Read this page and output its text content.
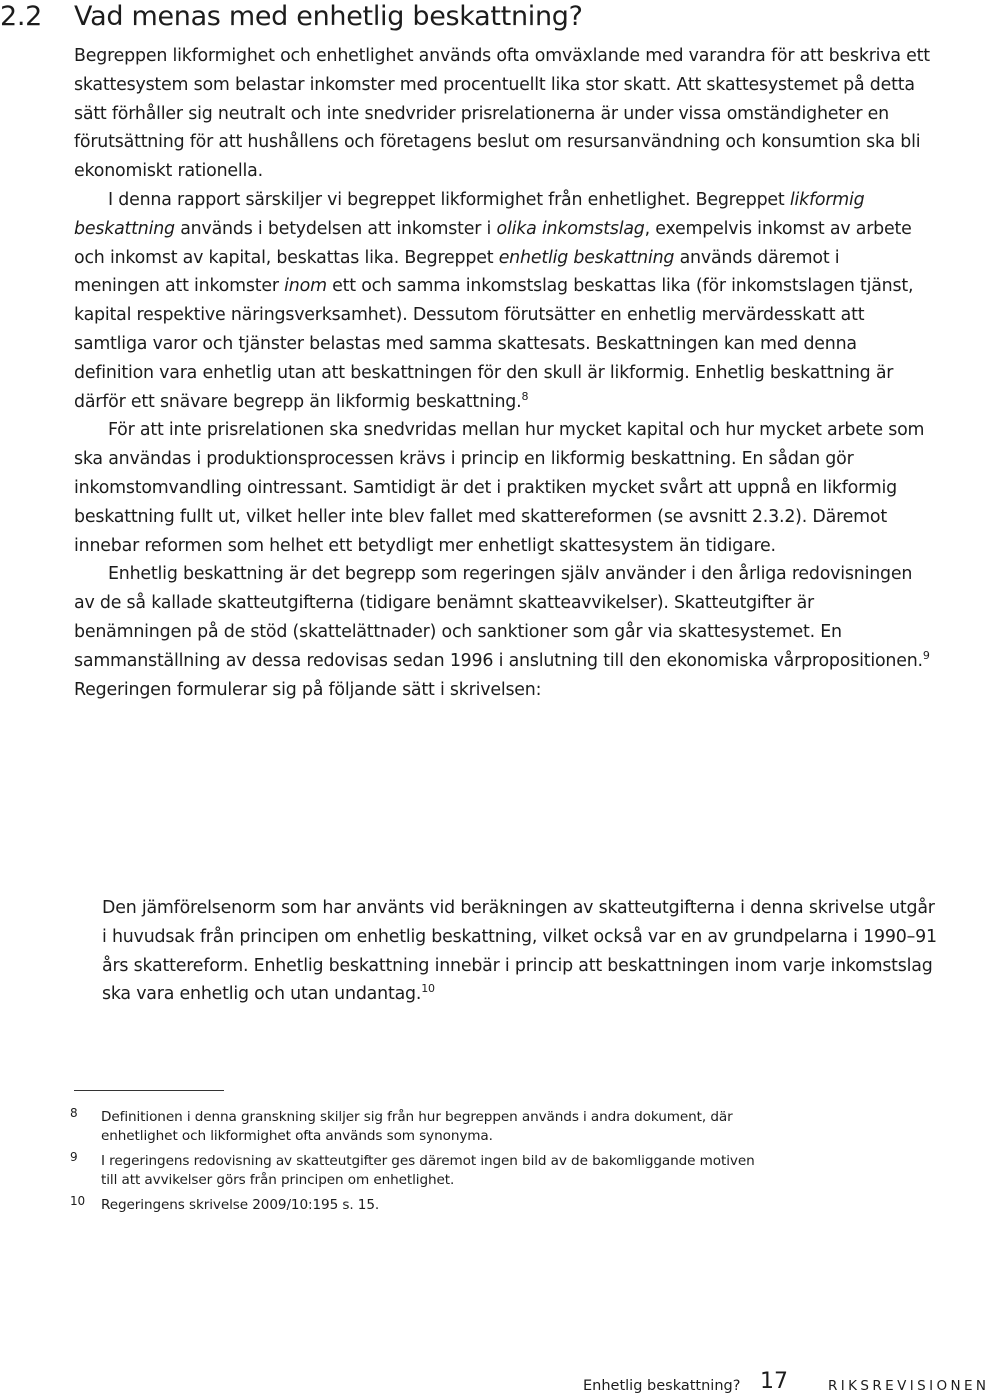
2.2 Vad menas med enhetlig beskattning?

Begreppen likformighet och enhetlighet används ofta omväxlande med varandra för att beskriva ett skattesystem som belastar inkomster med procentuellt lika stor skatt. Att skattesystemet på detta sätt förhåller sig neutralt och inte snedvrider prisrelationerna är under vissa omständigheter en förutsättning för att hushållens och företagens beslut om resursanvändning och konsumtion ska bli ekonomiskt rationella.

I denna rapport särskiljer vi begreppet likformighet från enhetlighet. Begreppet likformig beskattning används i betydelsen att inkomster i olika inkomstslag, exempelvis inkomst av arbete och inkomst av kapital, beskattas lika. Begreppet enhetlig beskattning används däremot i meningen att inkomster inom ett och samma inkomstslag beskattas lika (för inkomstslagen tjänst, kapital respektive näringsverksamhet). Dessutom förutsätter en enhetlig mervärdesskatt att samtliga varor och tjänster belastas med samma skattesats. Beskattningen kan med denna definition vara enhetlig utan att beskattningen för den skull är likformig. Enhetlig beskattning är därför ett snävare begrepp än likformig beskattning.$^8$

För att inte prisrelationen ska snedvridas mellan hur mycket kapital och hur mycket arbete som ska användas i produktionsprocessen krävs i princip en likformig beskattning. En sådan gör inkomstomvandling ointressant. Samtidigt är det i praktiken mycket svårt att uppnå en likformig beskattning fullt ut, vilket heller inte blev fallet med skattereformen (se avsnitt 2.3.2). Däremot innebar reformen som helhet ett betydligt mer enhetligt skattesystem än tidigare.

Enhetlig beskattning är det begrepp som regeringen själv använder i den årliga redovisningen av de så kallade skatteutgifterna (tidigare benämnt skatteavvikelser). Skatteutgifter är benämningen på de stöd (skattelättnader) och sanktioner som går via skattesystemet. En sammanställning av dessa redovisas sedan 1996 i anslutning till den ekonomiska vårpropositionen.$^9$

Regeringen formulerar sig på följande sätt i skrivelsen:

Den jämförelsenorm som har använts vid beräkningen av skatteutgifterna i denna skrivelse utgår i huvudsak från principen om enhetlig beskattning, vilket också var en av grundpelarna i 1990–91 års skattereform. Enhetlig beskattning innebär i princip att beskattningen inom varje inkomstslag ska vara enhetlig och utan undantag.$^{10}$
8 Definitionen i denna granskning skiljer sig från hur begreppen används i andra dokument, där enhetlighet och likformighet ofta används som synonyma.
9 I regeringens redovisning av skatteutgifter ges däremot ingen bild av de bakomliggande motiven till att avvikelser görs från principen om enhetlighet.
10 Regeringens skrivelse 2009/10:195 s. 15.
Enhetlig beskattning? 17	RIKSREVISIONEN
